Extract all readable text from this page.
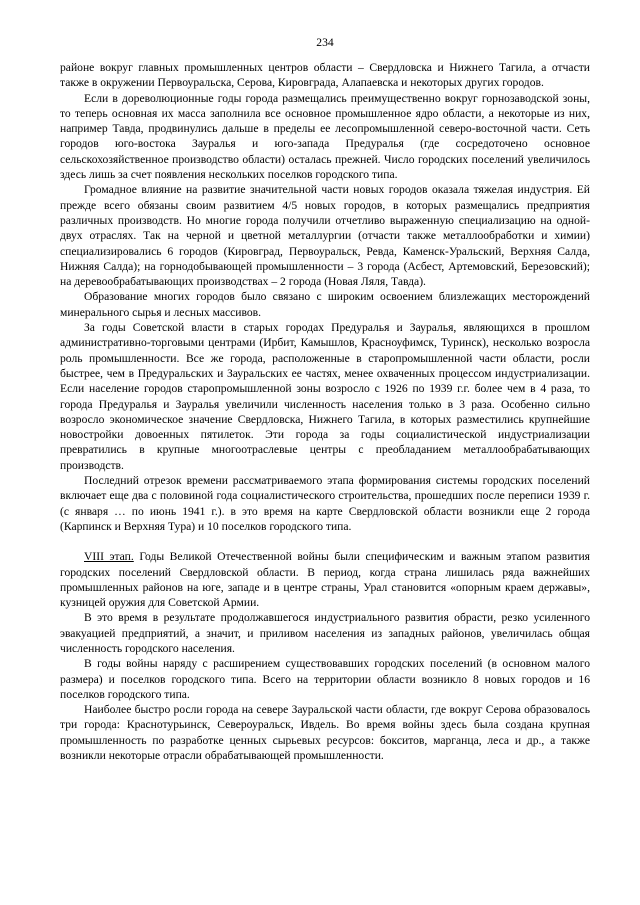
234

районе вокруг главных промышленных центров области – Свердловска и Нижнего Тагила, а отчасти также в окружении Первоуральска, Серова, Кировграда, Алапаевска и некоторых других городов.

Если в дореволюционные годы города размещались преимущественно вокруг горнозаводской зоны, то теперь основная их масса заполнила все основное промышленное ядро области, а некоторые из них, например Тавда, продвинулись дальше в пределы ее лесопромышленной северо-восточной части. Сеть городов юго-востока Зауралья и юго-запада Предуралья (где сосредоточено основное сельскохозяйственное производство области) осталась прежней. Число городских поселений увеличилось здесь лишь за счет появления нескольких поселков городского типа.

Громадное влияние на развитие значительной части новых городов оказала тяжелая индустрия. Ей прежде всего обязаны своим развитием 4/5 новых городов, в которых размещались предприятия различных производств. Но многие города получили отчетливо выраженную специализацию на одной-двух отраслях. Так на черной и цветной металлургии (отчасти также металлообработки и химии) специализировались 6 городов (Кировград, Первоуральск, Ревда, Каменск-Уральский, Верхняя Салда, Нижняя Салда); на горнодобывающей промышленности – 3 города (Асбест, Артемовский, Березовский); на деревообрабатывающих производствах – 2 города (Новая Ляля, Тавда).

Образование многих городов было связано с широким освоением близлежащих месторождений минерального сырья и лесных массивов.

За годы Советской власти в старых городах Предуралья и Зауралья, являющихся в прошлом административно-торговыми центрами (Ирбит, Камышлов, Красноуфимск, Туринск), несколько возросла роль промышленности. Все же города, расположенные в старопромышленной части области, росли быстрее, чем в Предуральских и Зауральских ее частях, менее охваченных процессом индустриализации. Если население городов старопромышленной зоны возросло с 1926 по 1939 г.г. более чем в 4 раза, то города Предуралья и Зауралья увеличили численность населения только в 3 раза. Особенно сильно возросло экономическое значение Свердловска, Нижнего Тагила, в которых разместились крупнейшие новостройки довоенных пятилеток. Эти города за годы социалистической индустриализации превратились в крупные многоотраслевые центры с преобладанием металлообрабатывающих производств.

Последний отрезок времени рассматриваемого этапа формирования системы городских поселений включает еще два с половиной года социалистического строительства, прошедших после переписи 1939 г. (с января … по июнь 1941 г.). в это время на карте Свердловской области возникли еще 2 города (Карпинск и Верхняя Тура) и 10 поселков городского типа.

VIII этап. Годы Великой Отечественной войны были специфическим и важным этапом развития городских поселений Свердловской области. В период, когда страна лишилась ряда важнейших промышленных районов на юге, западе и в центре страны, Урал становится «опорным краем державы», кузницей оружия для Советской Армии.

В это время в результате продолжавшегося индустриального развития обрасти, резко усиленного эвакуацией предприятий, а значит, и приливом населения из западных районов, увеличилась общая численность городского населения.

В годы войны наряду с расширением существовавших городских поселений (в основном малого размера) и поселков городского типа. Всего на территории области возникло 8 новых городов и 16 поселков городского типа.

Наиболее быстро росли города на севере Зауральской части области, где вокруг Серова образовалось три города: Краснотурьинск, Североуральск, Ивдель. Во время войны здесь была создана крупная промышленность по разработке ценных сырьевых ресурсов: бокситов, марганца, леса и др., а также возникли некоторые отрасли обрабатывающей промышленности.
